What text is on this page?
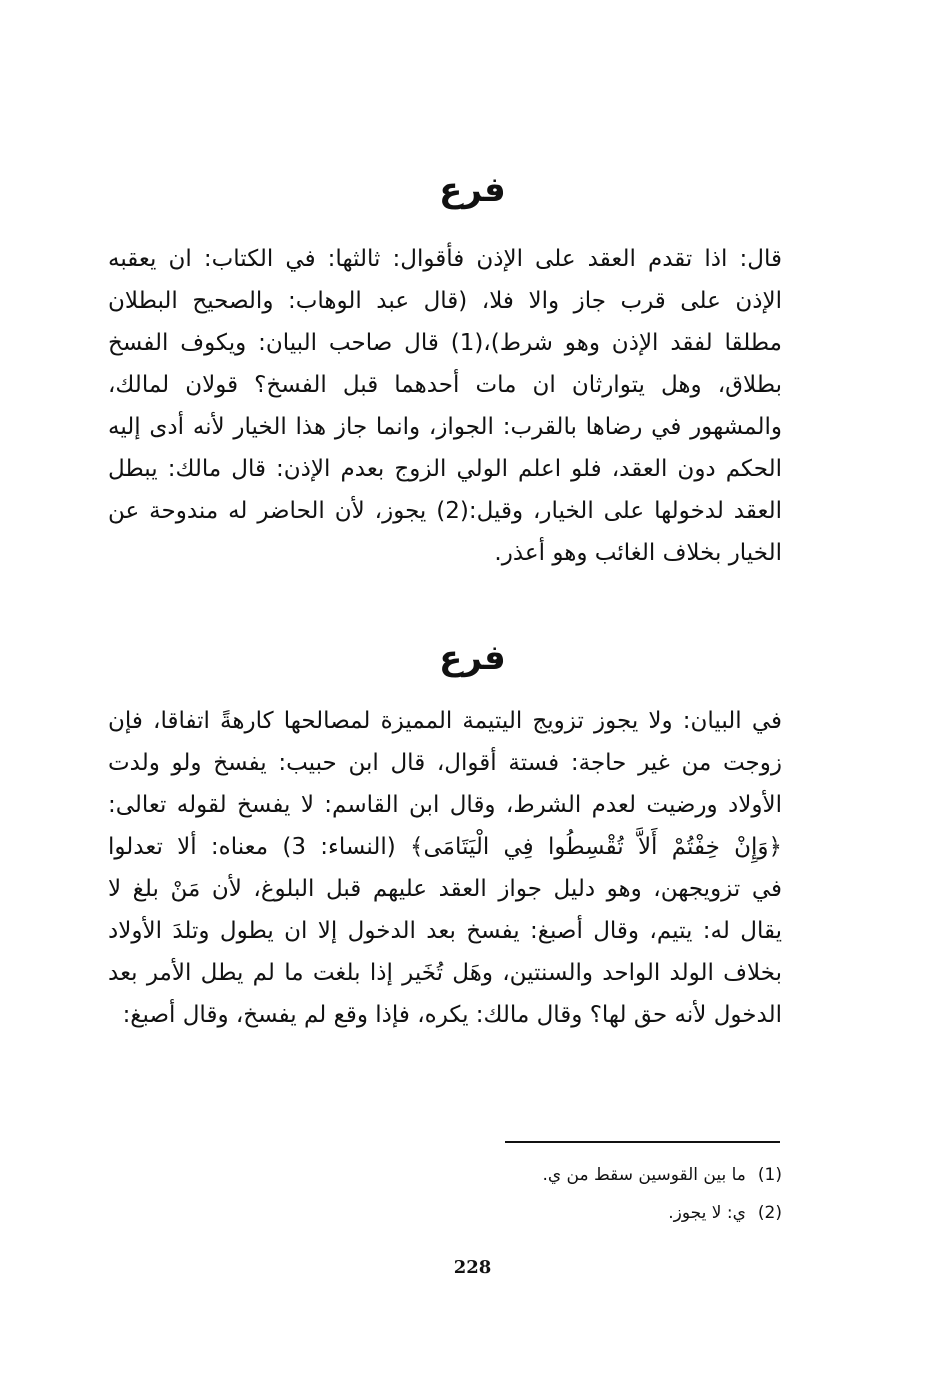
فرع
قال: اذا تقدم العقد على الإذن فأقوال: ثالثها: في الكتاب: ان يعقبه
الإذن على قرب جاز والا فلا، (قال عبد الوهاب: والصحيح البطلان
مطلقا لفقد الإذن وهو شرط)،(1) قال صاحب البيان: ويكوف الفسخ
بطلاق، وهل يتوارثان ان مات أحدهما قبل الفسخ؟ قولان لمالك،
والمشهور في رضاها بالقرب: الجواز، وانما جاز هذا الخيار لأنه أدى إليه
الحكم دون العقد، فلو اعلم الولي الزوج بعدم الإذن: قال مالك: يبطل
العقد لدخولها على الخيار، وقيل:(2) يجوز، لأن الحاضر له مندوحة عن
الخيار بخلاف الغائب وهو أعذر.
فرع
في البيان: ولا يجوز تزويج اليتيمة المميزة لمصالحها كارهةً اتفاقا، فإن
زوجت من غير حاجة: فستة أقوال، قال ابن حبيب: يفسخ ولو ولدت
الأولاد ورضيت لعدم الشرط، وقال ابن القاسم: لا يفسخ لقوله تعالى:
﴿وَإِنْ خِفْتُمْ أَلاَّ تُقْسِطُوا فِي الْيَتَامَى﴾ (النساء: 3) معناه: ألا تعدلوا
في تزويجهن، وهو دليل جواز العقد عليهم قبل البلوغ، لأن مَنْ بلغ لا
يقال له: يتيم، وقال أصبغ: يفسخ بعد الدخول إلا ان يطول وتلدَ الأولاد
بخلاف الولد الواحد والسنتين، وهَل تُخَير إذا بلغت ما لم يطل الأمر بعد
الدخول لأنه حق لها؟ وقال مالك: يكره، فإذا وقع لم يفسخ، وقال أصبغ:
(1)ما بين القوسين سقط من ي.
(2)ي: لا يجوز.
228
